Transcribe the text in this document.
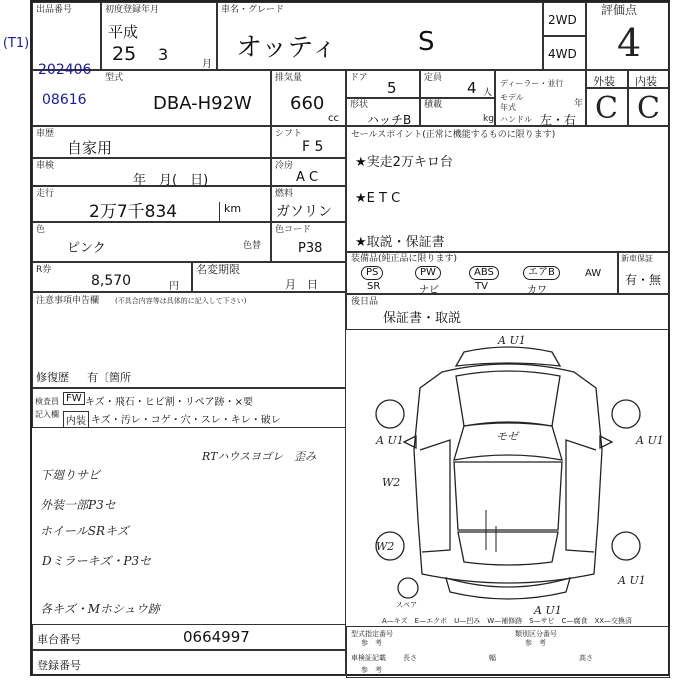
(T1)
出品番号	初度登録年月
平成
25 3
月
車名・グレード
オッティ	S
2WD
4WD
評価点
4
型式
DBA-H92W
排気量
660
cc
ドア
5
定員
4 人
ディーラー・並行
モデル年式	年
ハンドル 左・右
形状
ハッチB
積載
kg
外装 内装
C C
車歴
自家用
シフト
F 5
セールスポイント(正常に機能するものに限ります)
★実走2万キロ台
★E T C
★取説・保証書
車検
年　月(　日)
冷房
A C
走行
2万7千834	km
燃料
ガソリン
色
ピンク	色替
色コード
P38
装備品(純正品に限ります)
PS	PW	ABS	エアB	AW
SR	ナビ	TV	カワ
新車保証
有・無
R券
8,570	円
名変期限
月　日
後日品
保証書・取説
注意事項申告欄 (不具合内容等は具体的に記入して下さい)
修復歴 有〔箇所
検査員
記入欄
FW キズ・飛石・ヒビ割・リペア跡・×要
内装 キズ・汚レ・コゲ・穴・スレ・キレ・破レ
RTハウスヨゴレ　歪み
下廻りサビ
外装一部P3セ
ホイールSRキズ
Dミラーキズ・P3セ
各キズ・Mホシュウ跡
A U1
A U1	A U1
モゼ
W2
W2
A U1
A U1
スペア
A—キズ　E—エクボ　U—凹み　W—補修跡　S—サビ　C—腐食　XX—交換済
車台番号	0664997
登録番号
型式指定番号
参　考
類別区分番号
参　考
車検証記載 長さ	幅	高さ
参　考
202406
08616
